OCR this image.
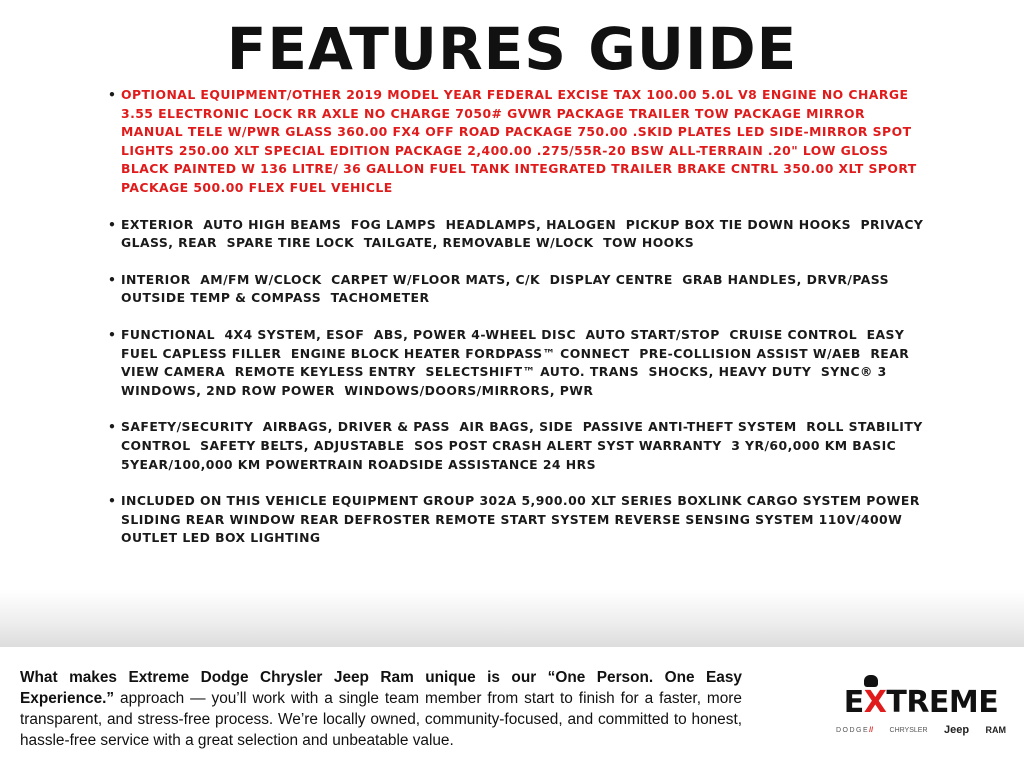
FEATURES GUIDE
• OPTIONAL EQUIPMENT/OTHER 2019 MODEL YEAR FEDERAL EXCISE TAX 100.00 5.0L V8 ENGINE NO CHARGE 3.55 ELECTRONIC LOCK RR AXLE NO CHARGE 7050# GVWR PACKAGE TRAILER TOW PACKAGE MIRROR MANUAL TELE W/PWR GLASS 360.00 FX4 OFF ROAD PACKAGE 750.00 .SKID PLATES LED SIDE-MIRROR SPOT LIGHTS 250.00 XLT SPECIAL EDITION PACKAGE 2,400.00 .275/55R-20 BSW ALL-TERRAIN .20" LOW GLOSS BLACK PAINTED W 136 LITRE/ 36 GALLON FUEL TANK INTEGRATED TRAILER BRAKE CNTRL 350.00 XLT SPORT PACKAGE 500.00 FLEX FUEL VEHICLE
• EXTERIOR  AUTO HIGH BEAMS  FOG LAMPS  HEADLAMPS, HALOGEN  PICKUP BOX TIE DOWN HOOKS  PRIVACY GLASS, REAR  SPARE TIRE LOCK  TAILGATE, REMOVABLE W/LOCK  TOW HOOKS
• INTERIOR  AM/FM W/CLOCK  CARPET W/FLOOR MATS, C/K  DISPLAY CENTRE  GRAB HANDLES, DRVR/PASS  OUTSIDE TEMP & COMPASS  TACHOMETER
• FUNCTIONAL  4X4 SYSTEM, ESOF  ABS, POWER 4-WHEEL DISC  AUTO START/STOP  CRUISE CONTROL  EASY FUEL CAPLESS FILLER  ENGINE BLOCK HEATER FORDPASS™ CONNECT  PRE-COLLISION ASSIST W/AEB  REAR VIEW CAMERA  REMOTE KEYLESS ENTRY  SELECTSHIFT™ AUTO. TRANS  SHOCKS, HEAVY DUTY  SYNC® 3  WINDOWS, 2ND ROW POWER  WINDOWS/DOORS/MIRRORS, PWR
• SAFETY/SECURITY  AIRBAGS, DRIVER & PASS  AIR BAGS, SIDE  PASSIVE ANTI-THEFT SYSTEM  ROLL STABILITY CONTROL  SAFETY BELTS, ADJUSTABLE  SOS POST CRASH ALERT SYST WARRANTY  3 YR/60,000 KM BASIC 5YEAR/100,000 KM POWERTRAIN ROADSIDE ASSISTANCE 24 HRS
• INCLUDED ON THIS VEHICLE EQUIPMENT GROUP 302A 5,900.00 XLT SERIES BOXLINK CARGO SYSTEM POWER SLIDING REAR WINDOW REAR DEFROSTER REMOTE START SYSTEM REVERSE SENSING SYSTEM 110V/400W OUTLET LED BOX LIGHTING

What makes Extreme Dodge Chrysler Jeep Ram unique is our “One Person. One Easy Experience.” approach — you’ll work with a single team member from start to finish for a faster, more transparent, and stress-free process. We’re locally owned, community-focused, and committed to honest, hassle-free service with a great selection and unbeatable value.

EXTREME
DODGE// CHRYSLER Jeep RAM
